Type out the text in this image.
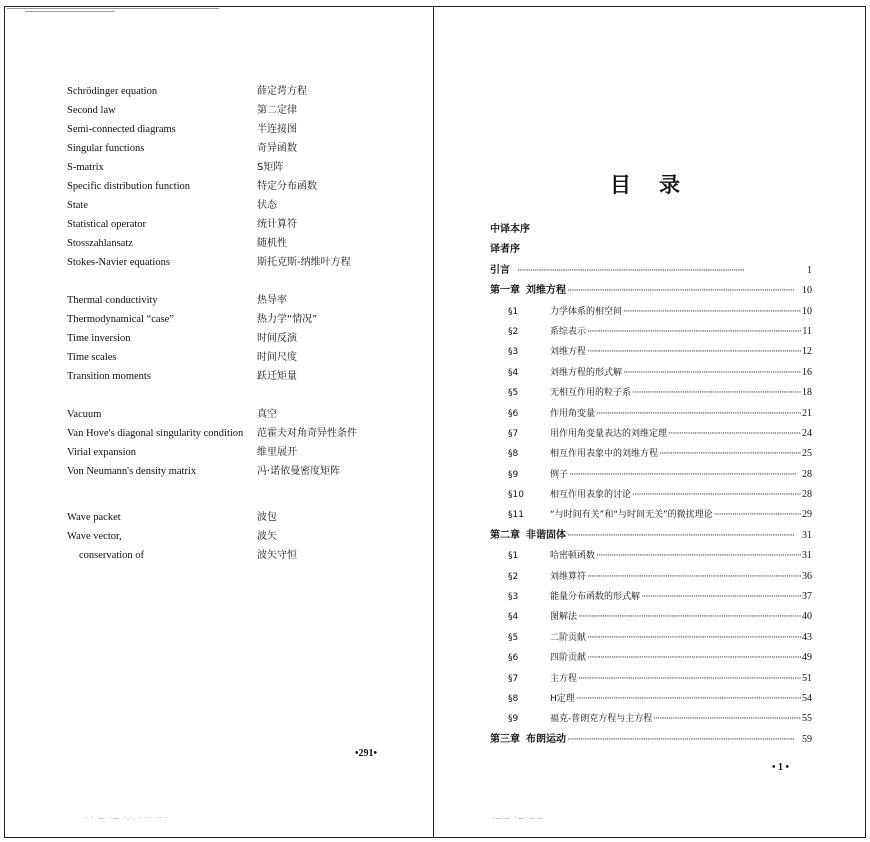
Schrödinger equation	薛定谔方程
Second law	第二定律
Semi-connected diagrams	半连接图
Singular functions	奇异函数
S-matrix	S矩阵
Specific distribution function	特定分布函数
State	状态
Statistical operator	统计算符
Stosszahlansatz	随机性
Stokes-Navier equations	斯托克斯-纳维叶方程
Thermal conductivity	热导率
Thermodynamical “case”	热力学“情况”
Time inversion	时间反演
Time scales	时间尺度
Transition moments	跃迁矩量
Vacuum	真空
Van Hove's diagonal singularity condition 范霍夫对角奇异性条件
Virial expansion	维里展开
Von Neumann's density matrix	冯·诺依曼密度矩阵
Wave packet	波包
Wave vector,	波矢
conservation of	波矢守恒
•291•
· · — ·— ·.·. · ·· ·· ·
目录
中译本序
译者序
引言 ·····	1
第一章 刘维方程 ·····	10
§1	力学体系的相空间 ·····	10
§2	系综表示 ·····	11
§3	刘维方程 ·····	12
§4	刘维方程的形式解 ·····	16
§5	无相互作用的粒子系 ·····	18
§6	作用角变量 ·····	21
§7	用作用角变量表达的刘维定理 ·····	24
§8	相互作用表象中的刘维方程 ·····	25
§9	例子 ·····	28
§10	相互作用表象的讨论 ·····	28
§11	“与时间有关”和“与时间无关”的微扰理论 ·····	29
第二章 非谐固体 ·····	31
§1	哈密顿函数 ·····	31
§2	刘维算符 ·····	36
§3	能量分布函数的形式解 ·····	37
§4	图解法 ·····	40
§5	二阶贡献 ·····	43
§6	四阶贡献 ·····	49
§7	主方程 ·····	51
§8	H定理 ·····	54
§9	福克-普朗克方程与主方程 ·····	55
第三章 布朗运动 ·····	59
• 1 •
·—— ·—·——
